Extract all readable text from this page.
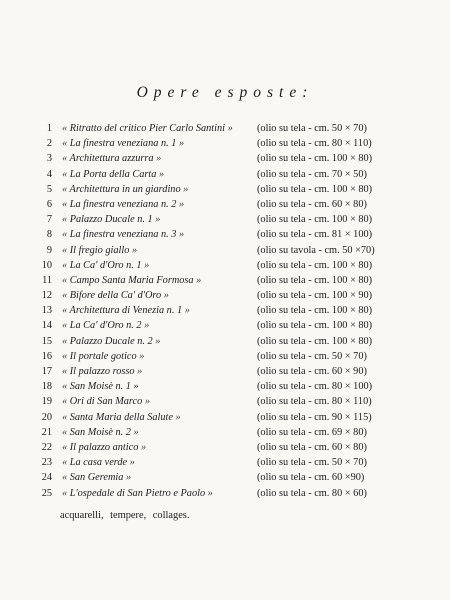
Opere esposte:
1 « Ritratto del critico Pier Carlo Santini » (olio su tela - cm. 50 × 70)
2 « La finestra veneziana n. 1 »	(olio su tela - cm. 80 × 110)
3 « Architettura azzurra »	(olio su tela - cm. 100 × 80)
4 « La Porta della Carta »	(olio su tela - cm. 70 × 50)
5 « Architettura in un giardino »	(olio su tela - cm. 100 × 80)
6 « La finestra veneziana n. 2 »	(olio su tela - cm. 60 × 80)
7 « Palazzo Ducale n. 1 »	(olio su tela - cm. 100 × 80)
8 « La finestra veneziana n. 3 »	(olio su tela - cm. 81 × 100)
9 « Il fregio giallo »	(olio su tavola - cm. 50 ×70)
10 « La Ca' d'Oro n. 1 »	(olio su tela - cm. 100 × 80)
11 « Campo Santa Maria Formosa »	(olio su tela - cm. 100 × 80)
12 « Bifore della Ca' d'Oro »	(olio su tela - cm. 100 × 90)
13 « Architettura di Venezia n. 1 »	(olio su tela - cm. 100 × 80)
14 « La Ca' d'Oro n. 2 »	(olio su tela - cm. 100 × 80)
15 « Palazzo Ducale n. 2 »	(olio su tela - cm. 100 × 80)
16 « Il portale gotico »	(olio su tela - cm. 50 × 70)
17 « Il palazzo rosso »	(olio su tela - cm. 60 × 90)
18 « San Moisè n. 1 »	(olio su tela - cm. 80 × 100)
19 « Ori di San Marco »	(olio su tela - cm. 80 × 110)
20 « Santa Maria della Salute »	(olio su tela - cm. 90 × 115)
21 « San Moisè n. 2 »	(olio su tela - cm. 69 × 80)
22 « Il palazzo antico »	(olio su tela - cm. 60 × 80)
23 « La casa verde »	(olio su tela - cm. 50 × 70)
24 « San Geremia »	(olio su tela - cm. 60 ×90)
25 « L'ospedale di San Pietro e Paolo »	(olio su tela - cm. 80 × 60)
acquarelli, tempere, collages.
